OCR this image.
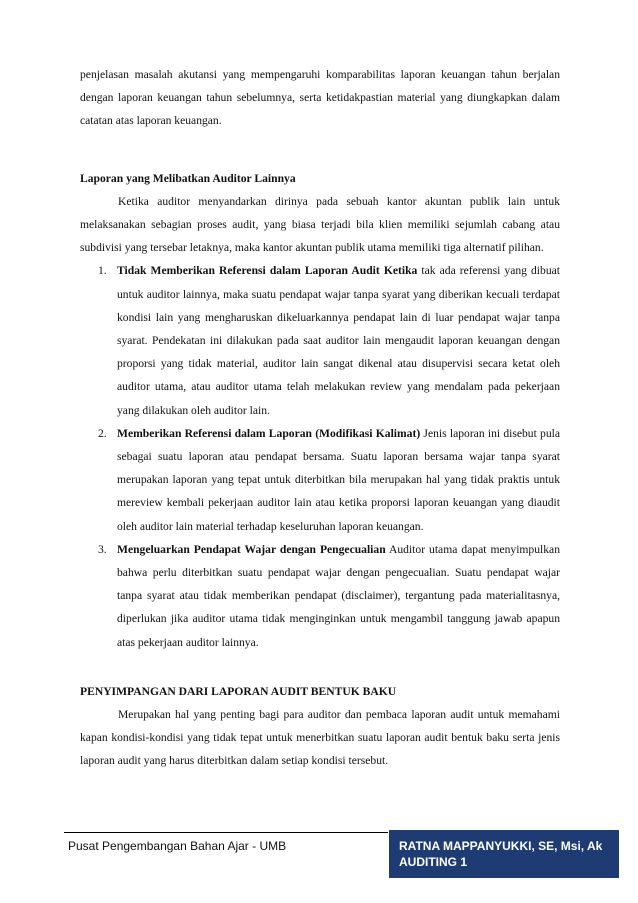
penjelasan masalah akutansi yang mempengaruhi komparabilitas laporan keuangan tahun berjalan dengan laporan keuangan tahun sebelumnya, serta ketidakpastian material yang diungkapkan dalam catatan atas laporan keuangan.

Laporan yang Melibatkan Auditor Lainnya

Ketika auditor menyandarkan dirinya pada sebuah kantor akuntan publik lain untuk melaksanakan sebagian proses audit, yang biasa terjadi bila klien memiliki sejumlah cabang atau subdivisi yang tersebar letaknya, maka kantor akuntan publik utama memiliki tiga alternatif pilihan.

1. Tidak Memberikan Referensi dalam Laporan Audit Ketika tak ada referensi yang dibuat untuk auditor lainnya, maka suatu pendapat wajar tanpa syarat yang diberikan kecuali terdapat kondisi lain yang mengharuskan dikeluarkannya pendapat lain di luar pendapat wajar tanpa syarat. Pendekatan ini dilakukan pada saat auditor lain mengaudit laporan keuangan dengan proporsi yang tidak material, auditor lain sangat dikenal atau disupervisi secara ketat oleh auditor utama, atau auditor utama telah melakukan review yang mendalam pada pekerjaan yang dilakukan oleh auditor lain.

2. Memberikan Referensi dalam Laporan (Modifikasi Kalimat) Jenis laporan ini disebut pula sebagai suatu laporan atau pendapat bersama. Suatu laporan bersama wajar tanpa syarat merupakan laporan yang tepat untuk diterbitkan bila merupakan hal yang tidak praktis untuk mereview kembali pekerjaan auditor lain atau ketika proporsi laporan keuangan yang diaudit oleh auditor lain material terhadap keseluruhan laporan keuangan.

3. Mengeluarkan Pendapat Wajar dengan Pengecualian Auditor utama dapat menyimpulkan bahwa perlu diterbitkan suatu pendapat wajar dengan pengecualian. Suatu pendapat wajar tanpa syarat atau tidak memberikan pendapat (disclaimer), tergantung pada materialitasnya, diperlukan jika auditor utama tidak menginginkan untuk mengambil tanggung jawab apapun atas pekerjaan auditor lainnya.

PENYIMPANGAN DARI LAPORAN AUDIT BENTUK BAKU

Merupakan hal yang penting bagi para auditor dan pembaca laporan audit untuk memahami kapan kondisi-kondisi yang tidak tepat untuk menerbitkan suatu laporan audit bentuk baku serta jenis laporan audit yang harus diterbitkan dalam setiap kondisi tersebut.

Pusat Pengembangan Bahan Ajar - UMB	RATNA MAPPANYUKKI, SE, Msi, Ak
AUDITING 1
